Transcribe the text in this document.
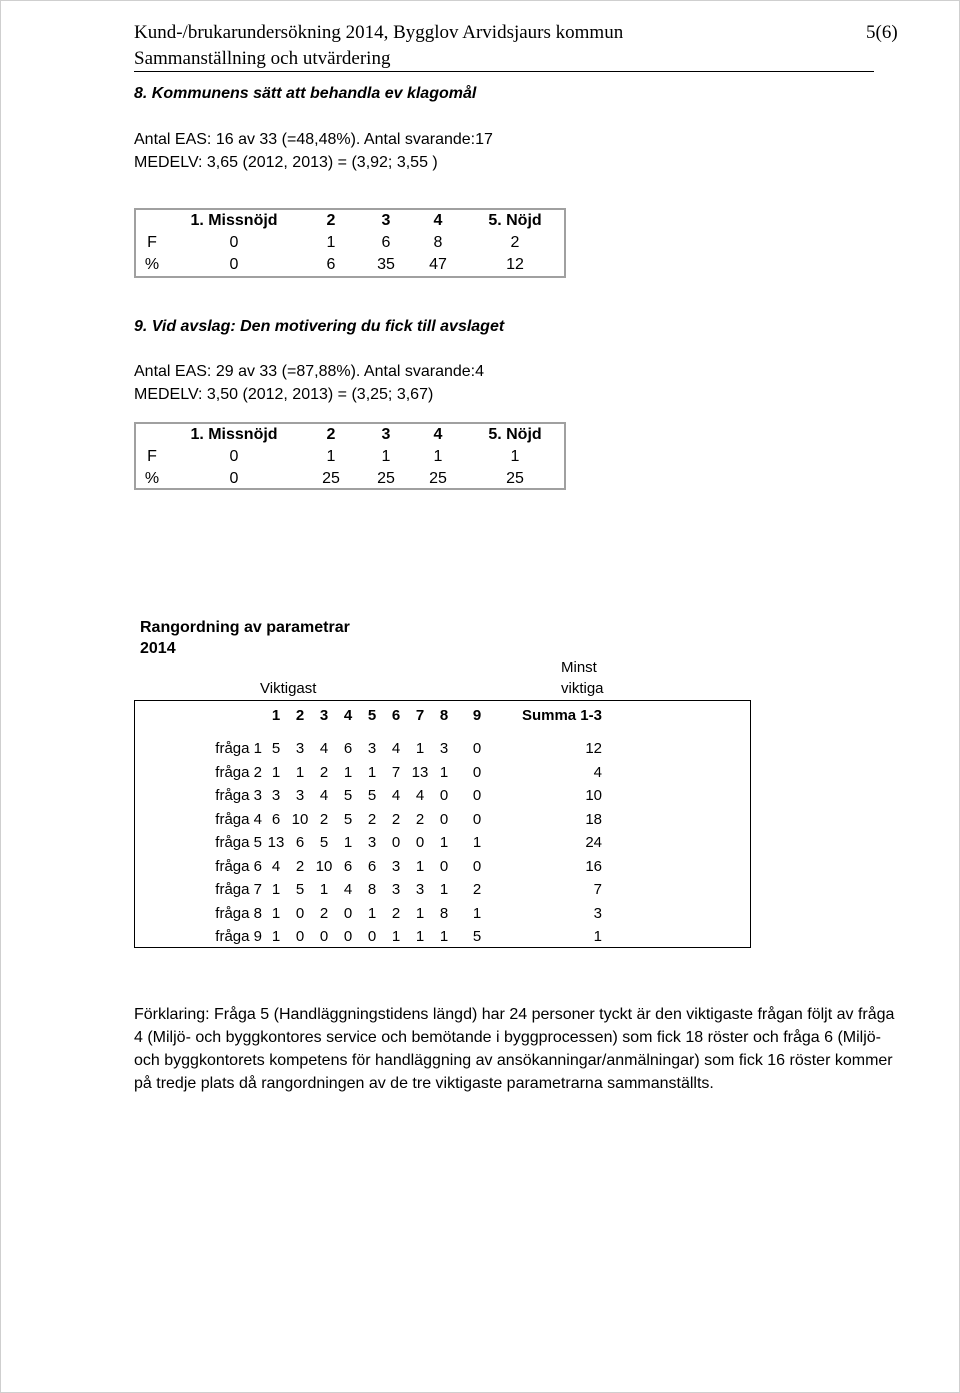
Kund-/brukarundersökning 2014, Bygglov Arvidsjaurs kommun	5(6)
Sammanställning och utvärdering
8. Kommunens sätt att behandla ev klagomål
Antal EAS: 16 av 33 (=48,48%). Antal svarande:17
MEDELV: 3,65 (2012, 2013) = (3,92; 3,55 )
	1. Missnöjd	2	3	4	5. Nöjd
F	0	1	6	8	2
%	0	6	35	47	12
9. Vid avslag: Den motivering du fick till avslaget
Antal EAS: 29 av 33 (=87,88%). Antal svarande:4
MEDELV: 3,50 (2012, 2013) = (3,25; 3,67)
	1. Missnöjd	2	3	4	5. Nöjd
F	0	1	1	1	1
%	0	25	25	25	25
Rangordning av parametrar
2014
Viktigast
Minst
viktiga
	1	2	3	4	5	6	7	8	9	Summa 1-3

fråga 1	5	3	4	6	3	4	1	3	0	12
fråga 2	1	1	2	1	1	7	13	1	0	4
fråga 3	3	3	4	5	5	4	4	0	0	10
fråga 4	6	10	2	5	2	2	2	0	0	18
fråga 5	13	6	5	1	3	0	0	1	1	24
fråga 6	4	2	10	6	6	3	1	0	0	16
fråga 7	1	5	1	4	8	3	3	1	2	7
fråga 8	1	0	2	0	1	2	1	8	1	3
fråga 9	1	0	0	0	0	1	1	1	5	1
Förklaring: Fråga 5 (Handläggningstidens längd) har 24 personer tyckt är den viktigaste frågan följt av fråga 4 (Miljö- och byggkontores service och bemötande i byggprocessen) som fick 18 röster och fråga 6 (Miljö- och byggkontorets kompetens för handläggning av ansökanningar/anmälningar) som fick 16 röster kommer på tredje plats då rangordningen av de tre viktigaste parametrarna sammanställts.
